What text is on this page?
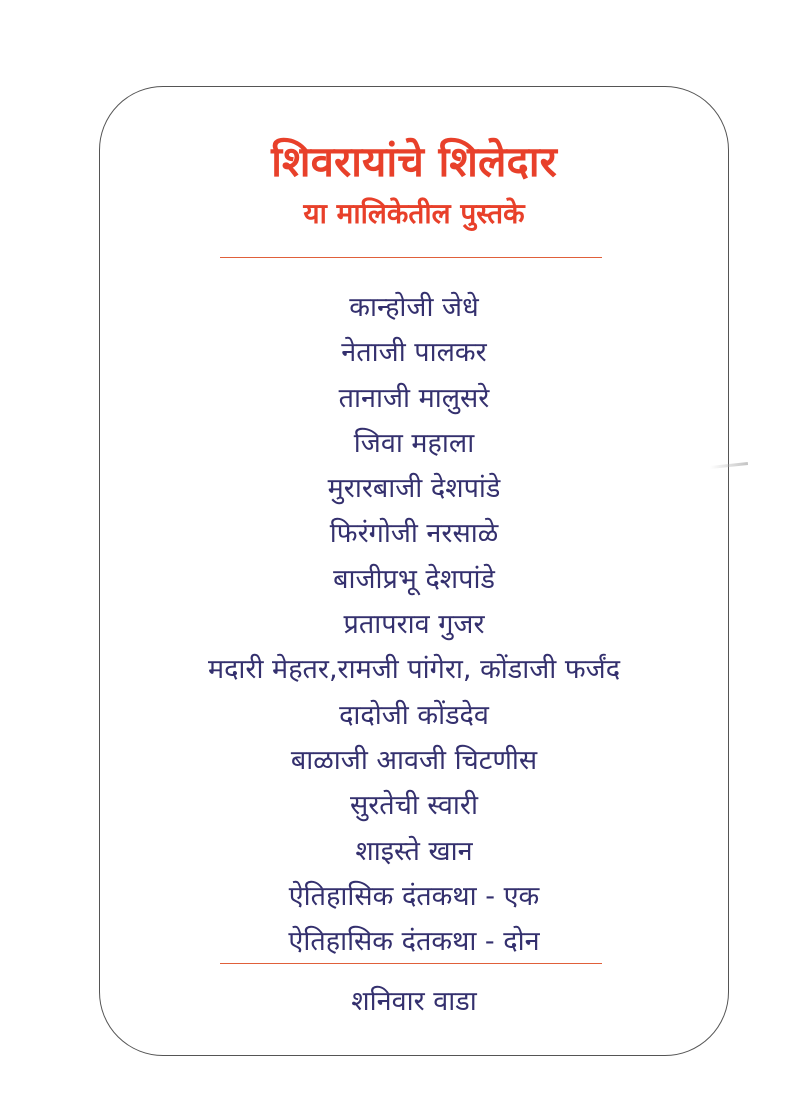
शिवरायांचे शिलेदार
या मालिकेतील पुस्तके
कान्होजी जेधे
नेताजी पालकर
तानाजी मालुसरे
जिवा महाला
मुरारबाजी देशपांडे
फिरंगोजी नरसाळे
बाजीप्रभू देशपांडे
प्रतापराव गुजर
मदारी मेहतर,रामजी पांगेरा, कोंडाजी फर्जंद
दादोजी कोंडदेव
बाळाजी आवजी चिटणीस
सुरतेची स्वारी
शाइस्ते खान
ऐतिहासिक दंतकथा - एक
ऐतिहासिक दंतकथा - दोन
शनिवार वाडा
